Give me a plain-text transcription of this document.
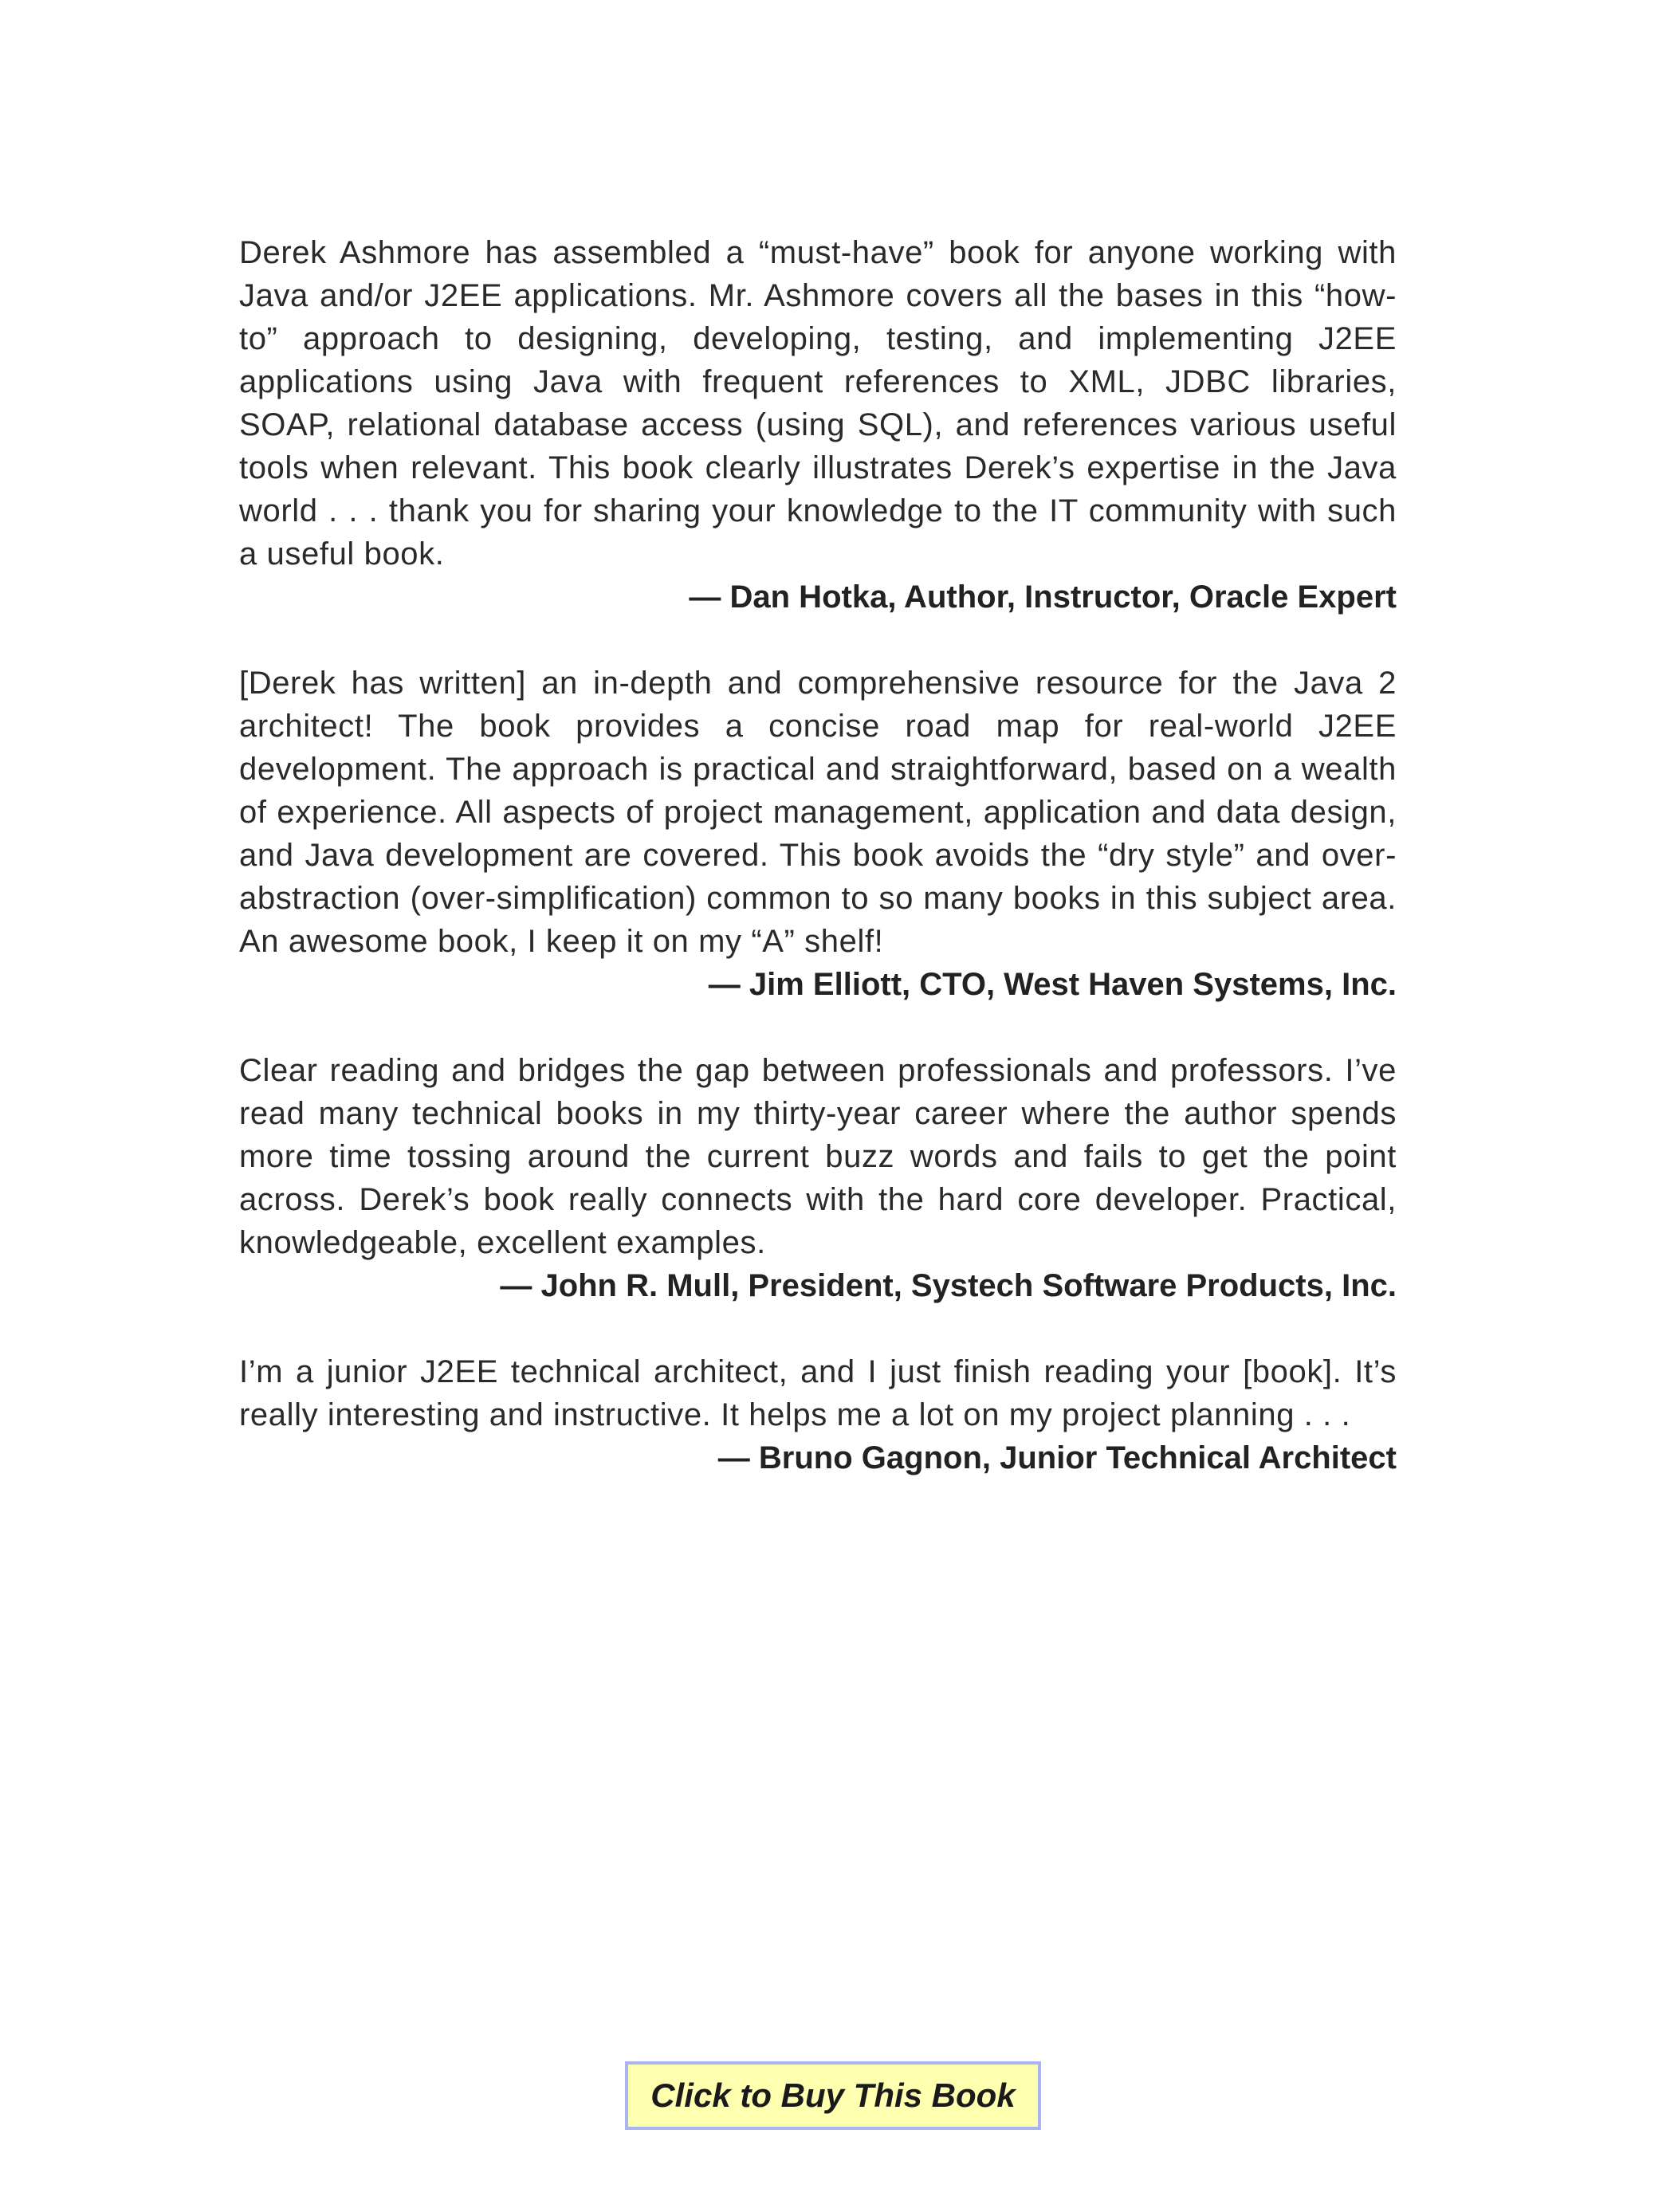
Derek Ashmore has assembled a “must-have” book for anyone working with Java and/or J2EE applications. Mr. Ashmore covers all the bases in this “how-to” approach to designing, developing, testing, and implementing J2EE applications using Java with frequent references to XML, JDBC libraries, SOAP, relational database access (using SQL), and references various useful tools when relevant. This book clearly illustrates Derek’s expertise in the Java world . . . thank you for sharing your knowledge to the IT community with such a useful book.

— Dan Hotka, Author, Instructor, Oracle Expert

[Derek has written] an in-depth and comprehensive resource for the Java 2 architect! The book provides a concise road map for real-world J2EE development. The approach is practical and straightforward, based on a wealth of experience. All aspects of project management, application and data design, and Java development are covered. This book avoids the “dry style” and over-abstraction (over-simplification) common to so many books in this subject area. An awesome book, I keep it on my “A” shelf!

— Jim Elliott, CTO, West Haven Systems, Inc.

Clear reading and bridges the gap between professionals and professors. I’ve read many technical books in my thirty-year career where the author spends more time tossing around the current buzz words and fails to get the point across. Derek’s book really connects with the hard core developer. Practical, knowledgeable, excellent examples.

— John R. Mull, President, Systech Software Products, Inc.

I’m a junior J2EE technical architect, and I just finish reading your [book]. It’s really interesting and instructive. It helps me a lot on my project planning . . .

— Bruno Gagnon, Junior Technical Architect

Click to Buy This Book
